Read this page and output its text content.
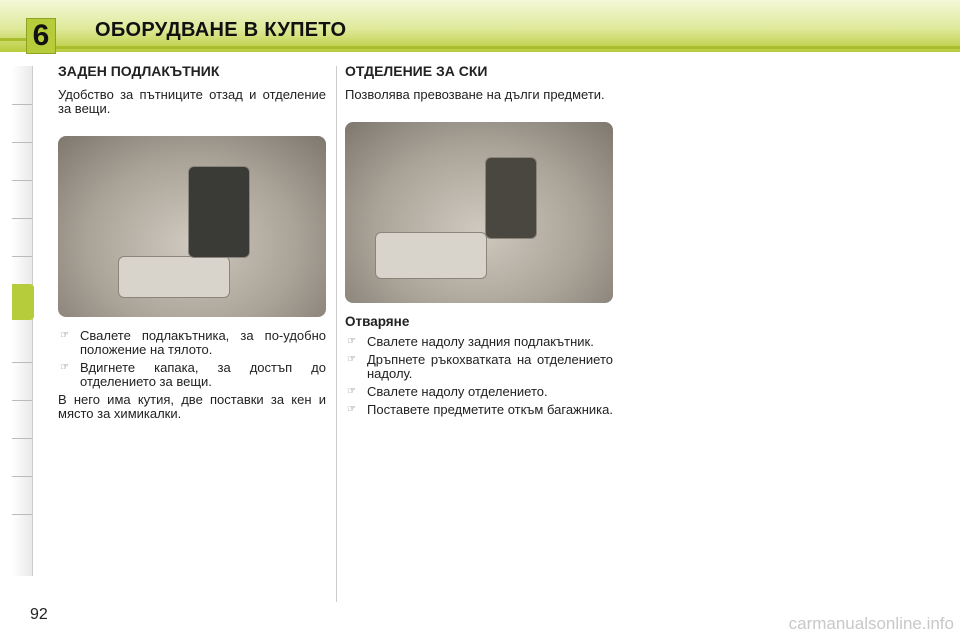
6	ОБОРУДВАНЕ В КУПЕТО
ЗАДЕН ПОДЛАКЪТНИК

Удобство за пътниците отзад и отделение за вещи.

☞ Свалете подлакътника, за по-удобно положение на тялото.
☞ Вдигнете капака, за достъп до отделението за вещи.

В него има кутия, две поставки за кен и място за химикалки.

ОТДЕЛЕНИЕ ЗА СКИ

Позволява превозване на дълги предмети.

Отваряне
☞ Свалете надолу задния подлакътник.
☞ Дръпнете ръкохватката на отделението надолу.
☞ Свалете надолу отделението.
☞ Поставете предметите откъм багажника.
92	carmanualsonline.info
